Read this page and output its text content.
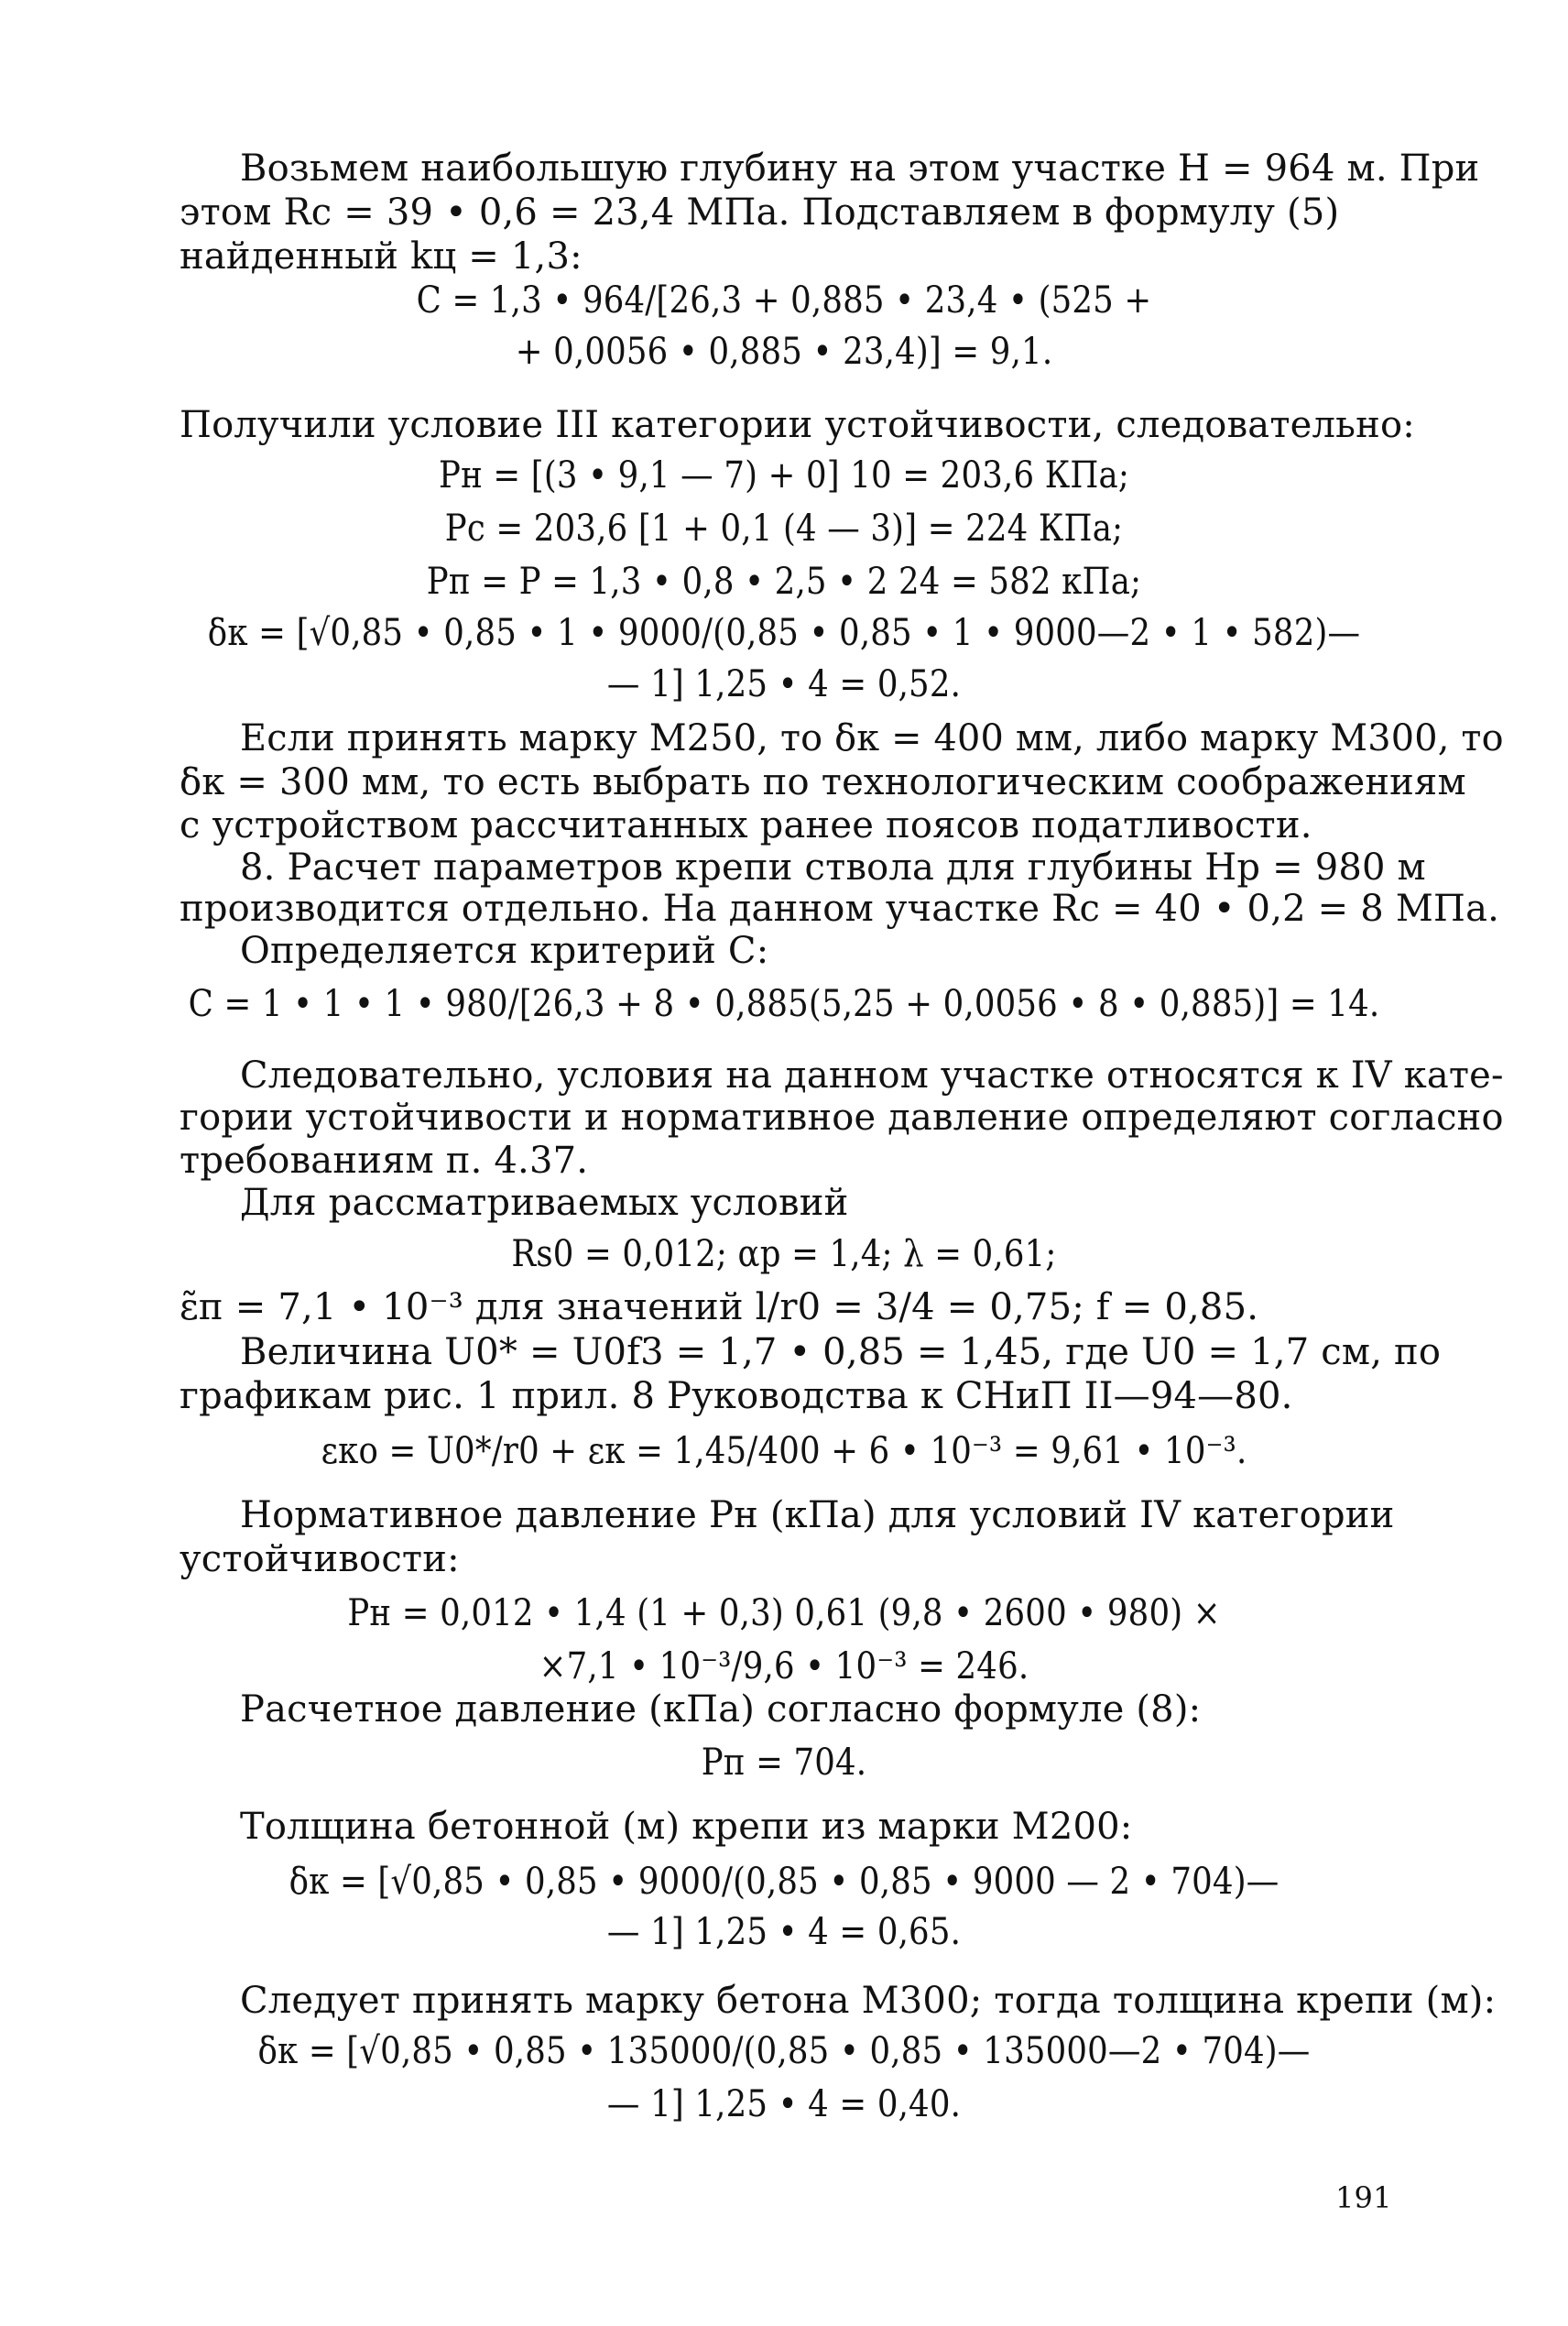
Возьмем наибольшую глубину на этом участке H = 964 м. При
этом Rс = 39 • 0,6 = 23,4 МПа. Подставляем в формулу (5)
найденный kц = 1,3:
C = 1,3 • 964/[26,3 + 0,885 • 23,4 • (525 +
+ 0,0056 • 0,885 • 23,4)] = 9,1.
Получили условие III категории устойчивости, следовательно:
Pн = [(3 • 9,1 — 7) + 0] 10 = 203,6 КПа;
Pс = 203,6 [1 + 0,1 (4 — 3)] = 224 КПа;
Pп = P = 1,3 • 0,8 • 2,5 • 2 24 = 582 кПа;
δк = [√0,85 • 0,85 • 1 • 9000/(0,85 • 0,85 • 1 • 9000—2 • 1 • 582)—
— 1] 1,25 • 4 = 0,52.
Если принять марку М250, то δк = 400 мм, либо марку М300, то
δк = 300 мм, то есть выбрать по технологическим соображениям
с устройством рассчитанных ранее поясов податливости.
8. Расчет параметров крепи ствола для глубины Hр = 980 м
производится отдельно. На данном участке Rс = 40 • 0,2 = 8 МПа.
Определяется критерий C:
C = 1 • 1 • 1 • 980/[26,3 + 8 • 0,885(5,25 + 0,0056 • 8 • 0,885)] = 14.
Следовательно, условия на данном участке относятся к IV кате-
гории устойчивости и нормативное давление определяют согласно
требованиям п. 4.37.
Для рассматриваемых условий
Rs0 = 0,012; αр = 1,4; λ = 0,61;
ε̃п = 7,1 • 10⁻³ для значений l/r0 = 3/4 = 0,75; f = 0,85.
Величина U0* = U0f3 = 1,7 • 0,85 = 1,45, где U0 = 1,7 см, по
графикам рис. 1 прил. 8 Руководства к СНиП II—94—80.
εко = U0*/r0 + εк = 1,45/400 + 6 • 10⁻³ = 9,61 • 10⁻³.
Нормативное давление Pн (кПа) для условий IV категории
устойчивости:
Pн = 0,012 • 1,4 (1 + 0,3) 0,61 (9,8 • 2600 • 980) ×
×7,1 • 10⁻³/9,6 • 10⁻³ = 246.
Расчетное давление (кПа) согласно формуле (8):
Pп = 704.
Толщина бетонной (м) крепи из марки М200:
δк = [√0,85 • 0,85 • 9000/(0,85 • 0,85 • 9000 — 2 • 704)—
— 1] 1,25 • 4 = 0,65.
Следует принять марку бетона М300; тогда толщина крепи (м):
δк = [√0,85 • 0,85 • 135000/(0,85 • 0,85 • 135000—2 • 704)—
— 1] 1,25 • 4 = 0,40.
191
